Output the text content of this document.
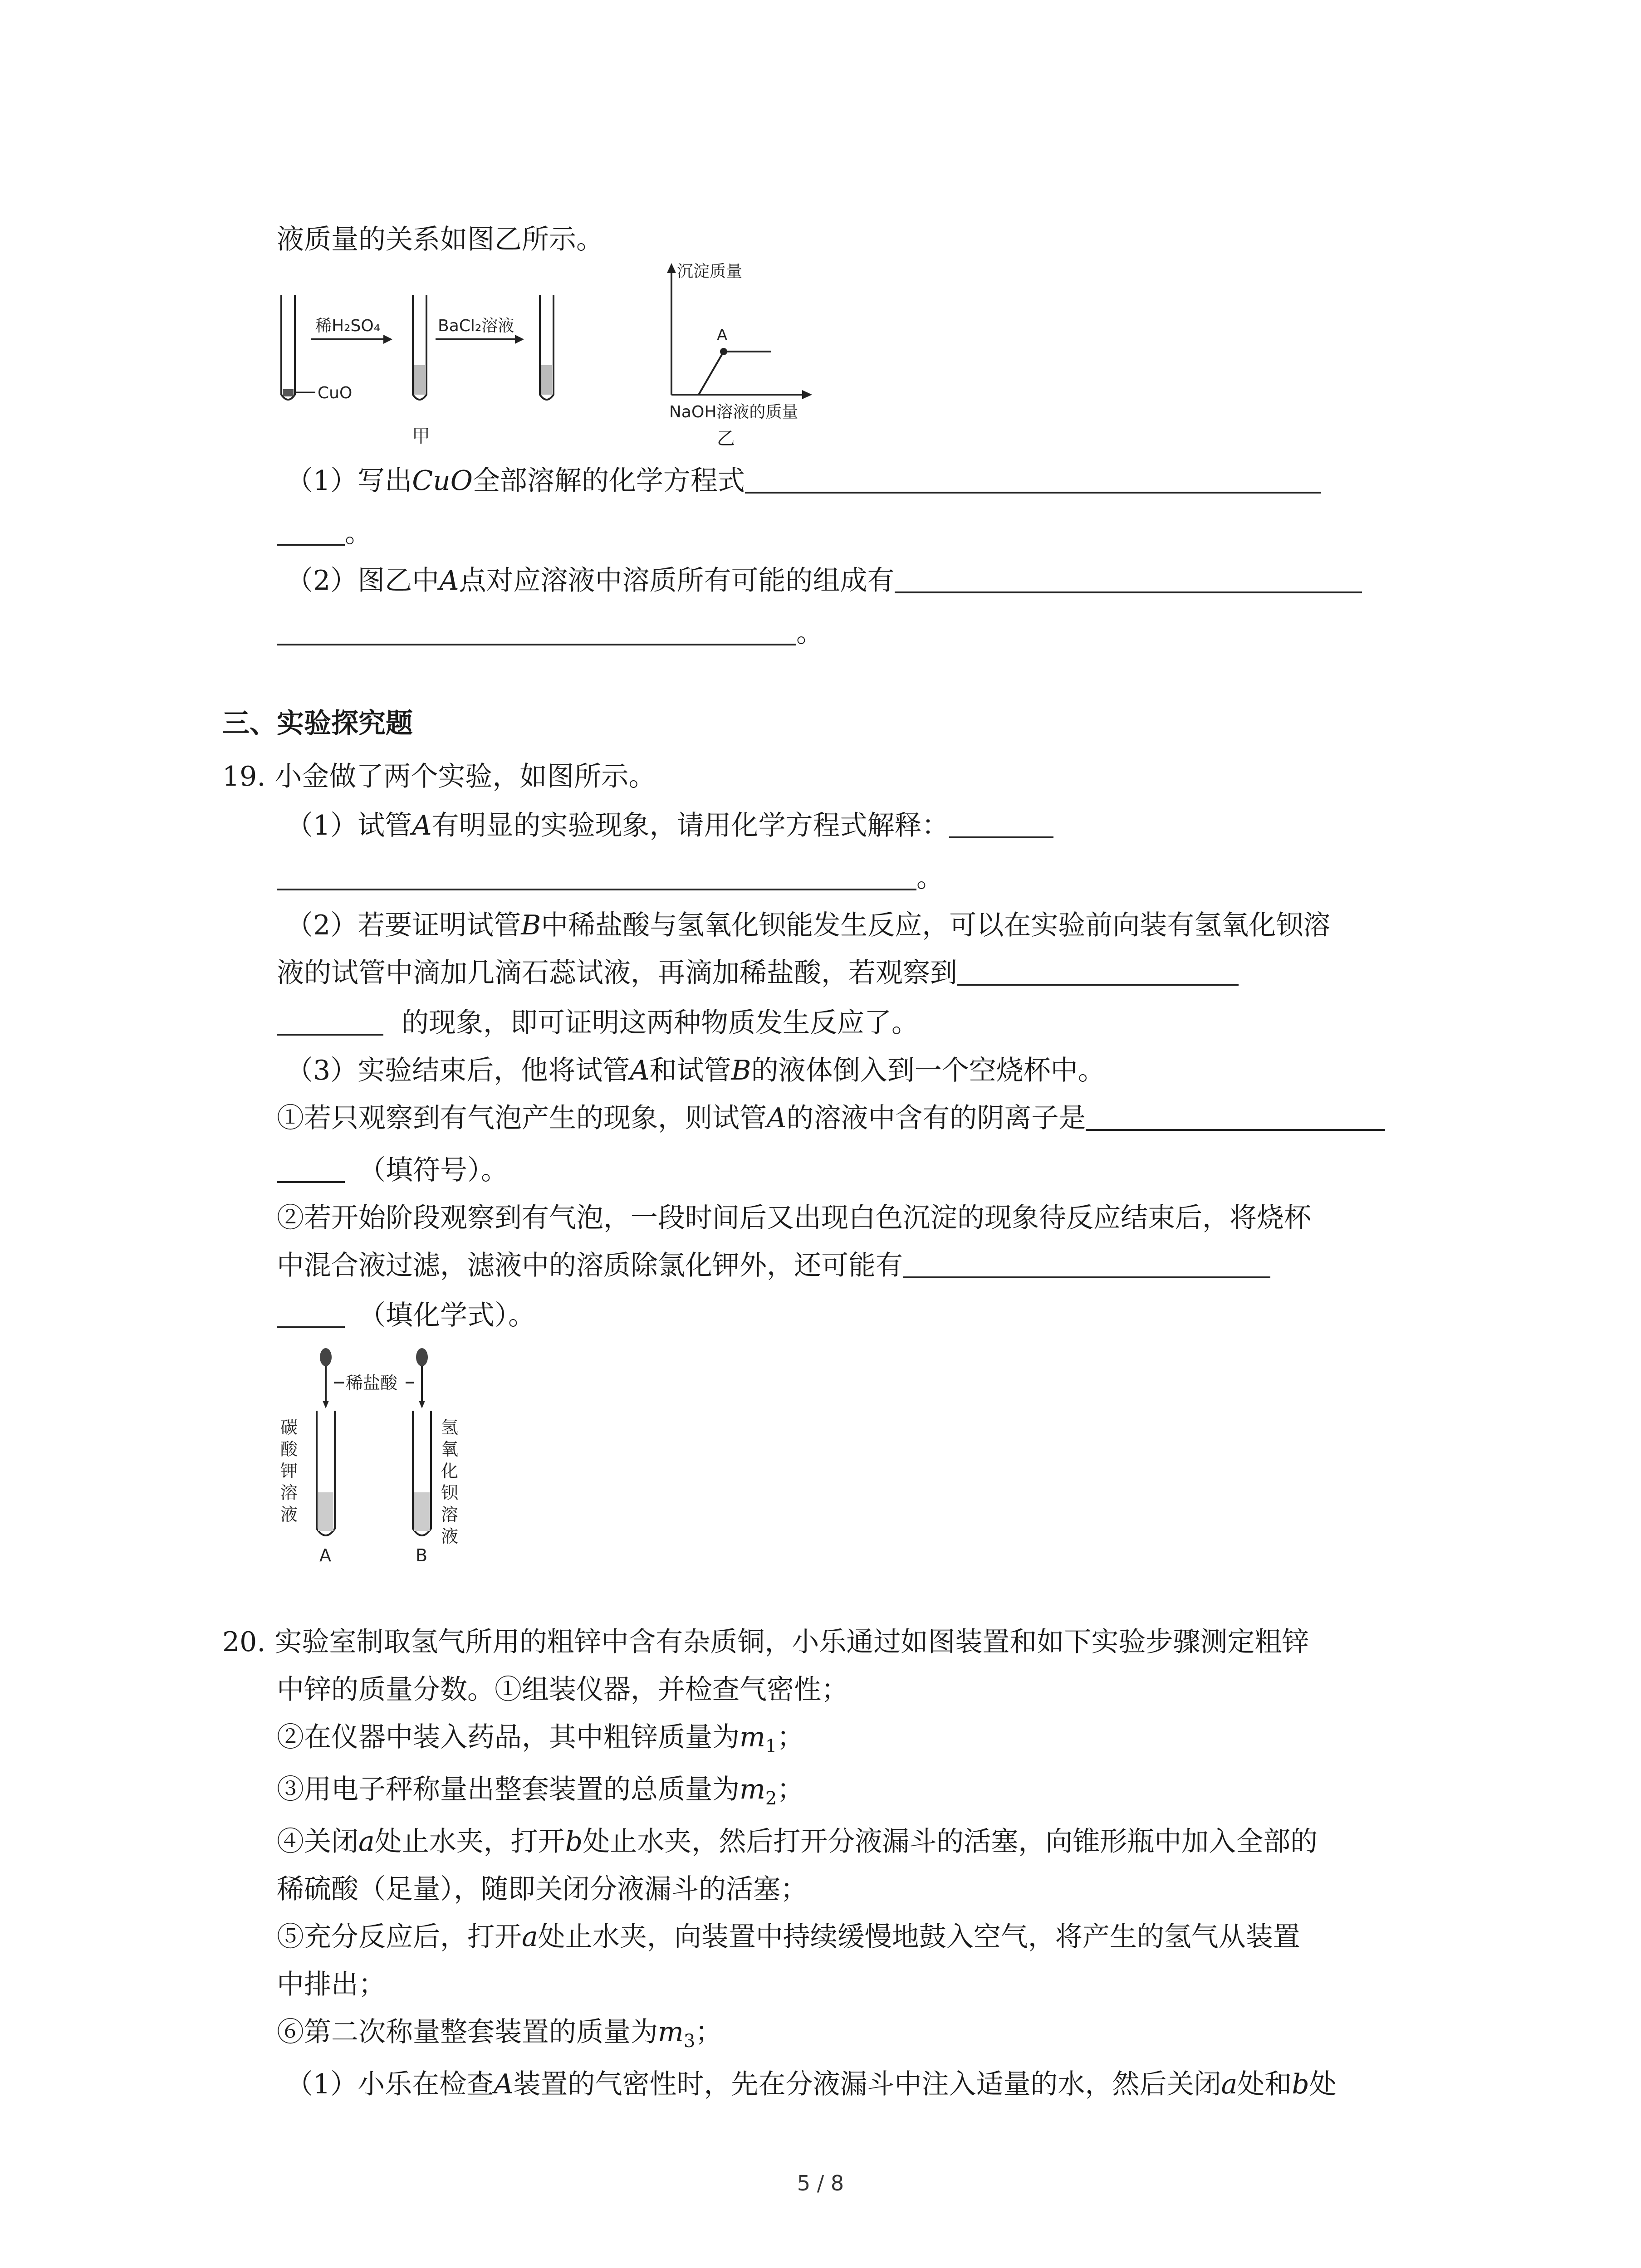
液质量的关系如图乙所示。
稀H₂SO₄	BaCl₂溶液
CuO
甲
沉淀质量
A
NaOH溶液的质量
乙
（1）写出CuO全部溶解的化学方程式
。
（2）图乙中A点对应溶液中溶质所有可能的组成有
。
三、实验探究题
19. 小金做了两个实验，如图所示。
（1）试管A有明显的实验现象，请用化学方程式解释：
。
（2）若要证明试管B中稀盐酸与氢氧化钡能发生反应，可以在实验前向装有氢氧化钡溶
液的试管中滴加几滴石蕊试液，再滴加稀盐酸，若观察到
的现象，即可证明这两种物质发生反应了。
（3）实验结束后，他将试管A和试管B的液体倒入到一个空烧杯中。
①若只观察到有气泡产生的现象，则试管A的溶液中含有的阴离子是
（填符号）。
②若开始阶段观察到有气泡，一段时间后又出现白色沉淀的现象待反应结束后，将烧杯
中混合液过滤，滤液中的溶质除氯化钾外，还可能有
（填化学式）。
稀盐酸
A	B
碳酸钾溶液
氢氧化钡溶液
20. 实验室制取氢气所用的粗锌中含有杂质铜，小乐通过如图装置和如下实验步骤测定粗锌
中锌的质量分数。①组装仪器，并检查气密性；
②在仪器中装入药品，其中粗锌质量为$m_1$；
③用电子秤称量出整套装置的总质量为$m_2$；
④关闭a处止水夹，打开b处止水夹，然后打开分液漏斗的活塞，向锥形瓶中加入全部的
稀硫酸（足量），随即关闭分液漏斗的活塞；
⑤充分反应后，打开a处止水夹，向装置中持续缓慢地鼓入空气，将产生的氢气从装置
中排出；
⑥第二次称量整套装置的质量为$m_3$；
（1）小乐在检查A装置的气密性时，先在分液漏斗中注入适量的水，然后关闭a处和b处
5 / 8
